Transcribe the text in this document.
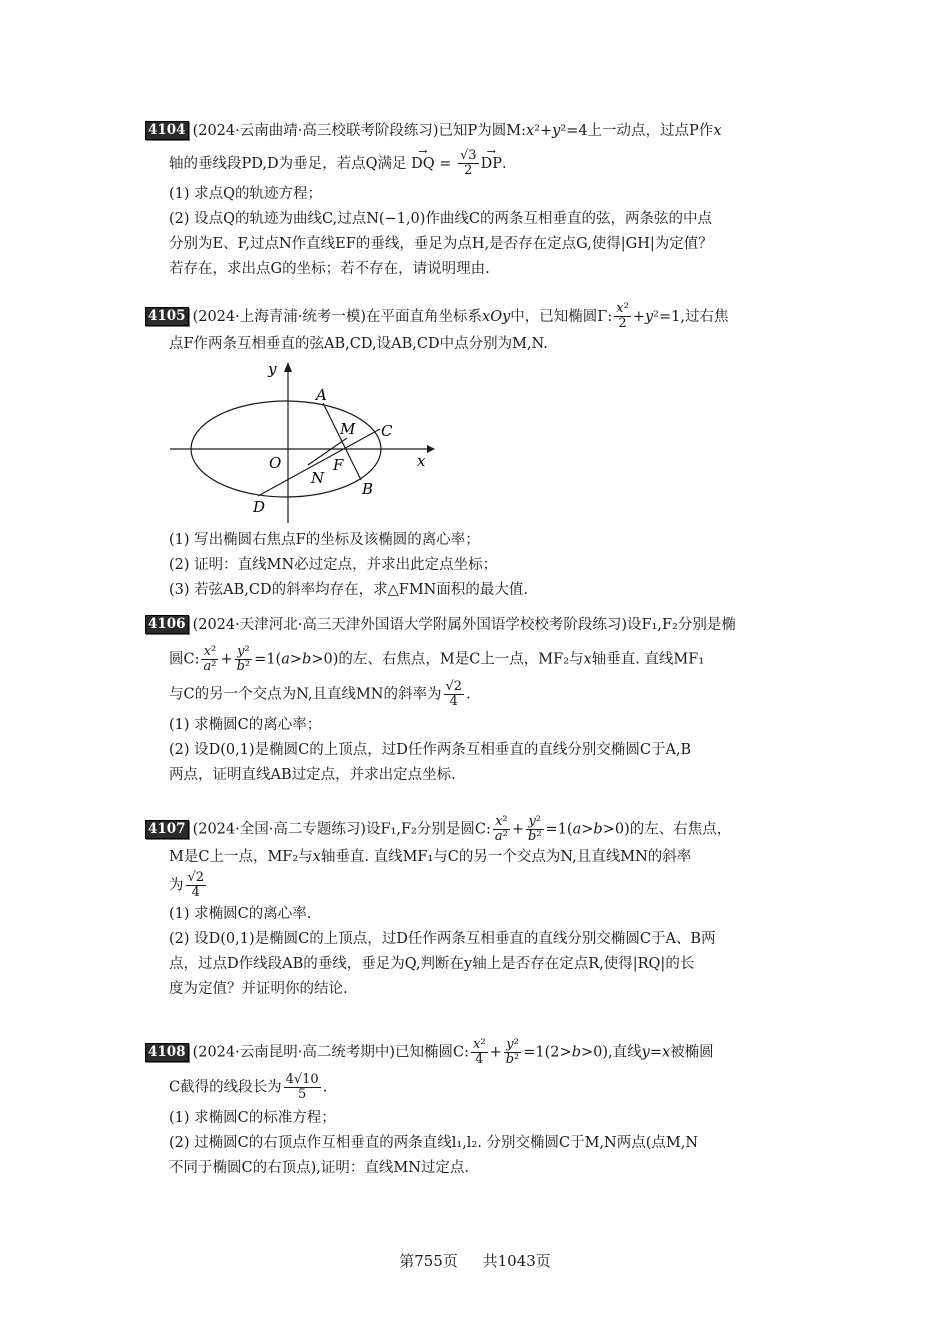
4104 (2024·云南曲靖·高三校联考阶段练习)已知P为圆M:x²+y²=4上一动点，过点P作x
轴的垂线段PD,D为垂足，若点Q满足 → DQ = $\frac{√3}{2}$
→ DP.
(1) 求点Q的轨迹方程；
(2) 设点Q的轨迹为曲线C,过点N(−1,0)作曲线C的两条互相垂直的弦，两条弦的中点
分别为E、F,过点N作直线EF的垂线，垂足为点H,是否存在定点G,使得|GH|为定值？
若存在，求出点G的坐标；若不存在，请说明理由.
4105 (2024·上海青浦·统考一模)在平面直角坐标系xOy中，已知椭圆Γ: $\frac{\text{x²}}{2} +y^2=1$,过右焦
点F作两条互相垂直的弦AB,CD,设AB,CD中点分别为M,N.
y
x
O
A
B
C
D
M
N
F
(1) 写出椭圆右焦点F的坐标及该椭圆的离心率；
(2) 证明：直线MN必过定点，并求出此定点坐标；
(3) 若弦AB,CD的斜率均存在，求△FMN面积的最大值.
4106 (2024·天津河北·高三天津外国语大学附属外国语学校校考阶段练习)设F₁,F₂分别是椭
圆C: $\frac{\text{x²}}{\text{a²}} + \frac{\text{y²}}{\text{b²}} =1(a>b>0)$的左、右焦点，M是C上一点，MF₂与x轴垂直. 直线MF₁
与C的另一个交点为N,且直线MN的斜率为 $\frac{√2}{4}$ .
(1) 求椭圆C的离心率；
(2) 设D(0,1)是椭圆C的上顶点，过D任作两条互相垂直的直线分别交椭圆C于A,B
两点，证明直线AB过定点，并求出定点坐标.
4107 (2024·全国·高二专题练习)设F₁,F₂分别是圆C: $\frac{\text{x²}}{\text{a²}} + \frac{\text{y²}}{\text{b²}} =1(a>b>0)$的左、右焦点，
M是C上一点，MF₂与x轴垂直. 直线MF₁与C的另一个交点为N,且直线MN的斜率
为 $\frac{√2}{4}$
(1) 求椭圆C的离心率.
(2) 设D(0,1)是椭圆C的上顶点，过D任作两条互相垂直的直线分别交椭圆C于A、B两
点，过点D作线段AB的垂线，垂足为Q,判断在y轴上是否存在定点R,使得|RQ|的长
度为定值？并证明你的结论.
4108 (2024·云南昆明·高二统考期中)已知椭圆C: $\frac{\text{x²}}{4} + \frac{\text{y²}}{\text{b²}} =1(2>b>0)$,直线y=x被椭圆
C截得的线段长为 $\frac{4√10}{5}$ .
(1) 求椭圆C的标准方程；
(2) 过椭圆C的右顶点作互相垂直的两条直线l₁,l₂. 分别交椭圆C于M,N两点(点M,N
不同于椭圆C的右顶点),证明：直线MN过定点.
第755页 共1043页
